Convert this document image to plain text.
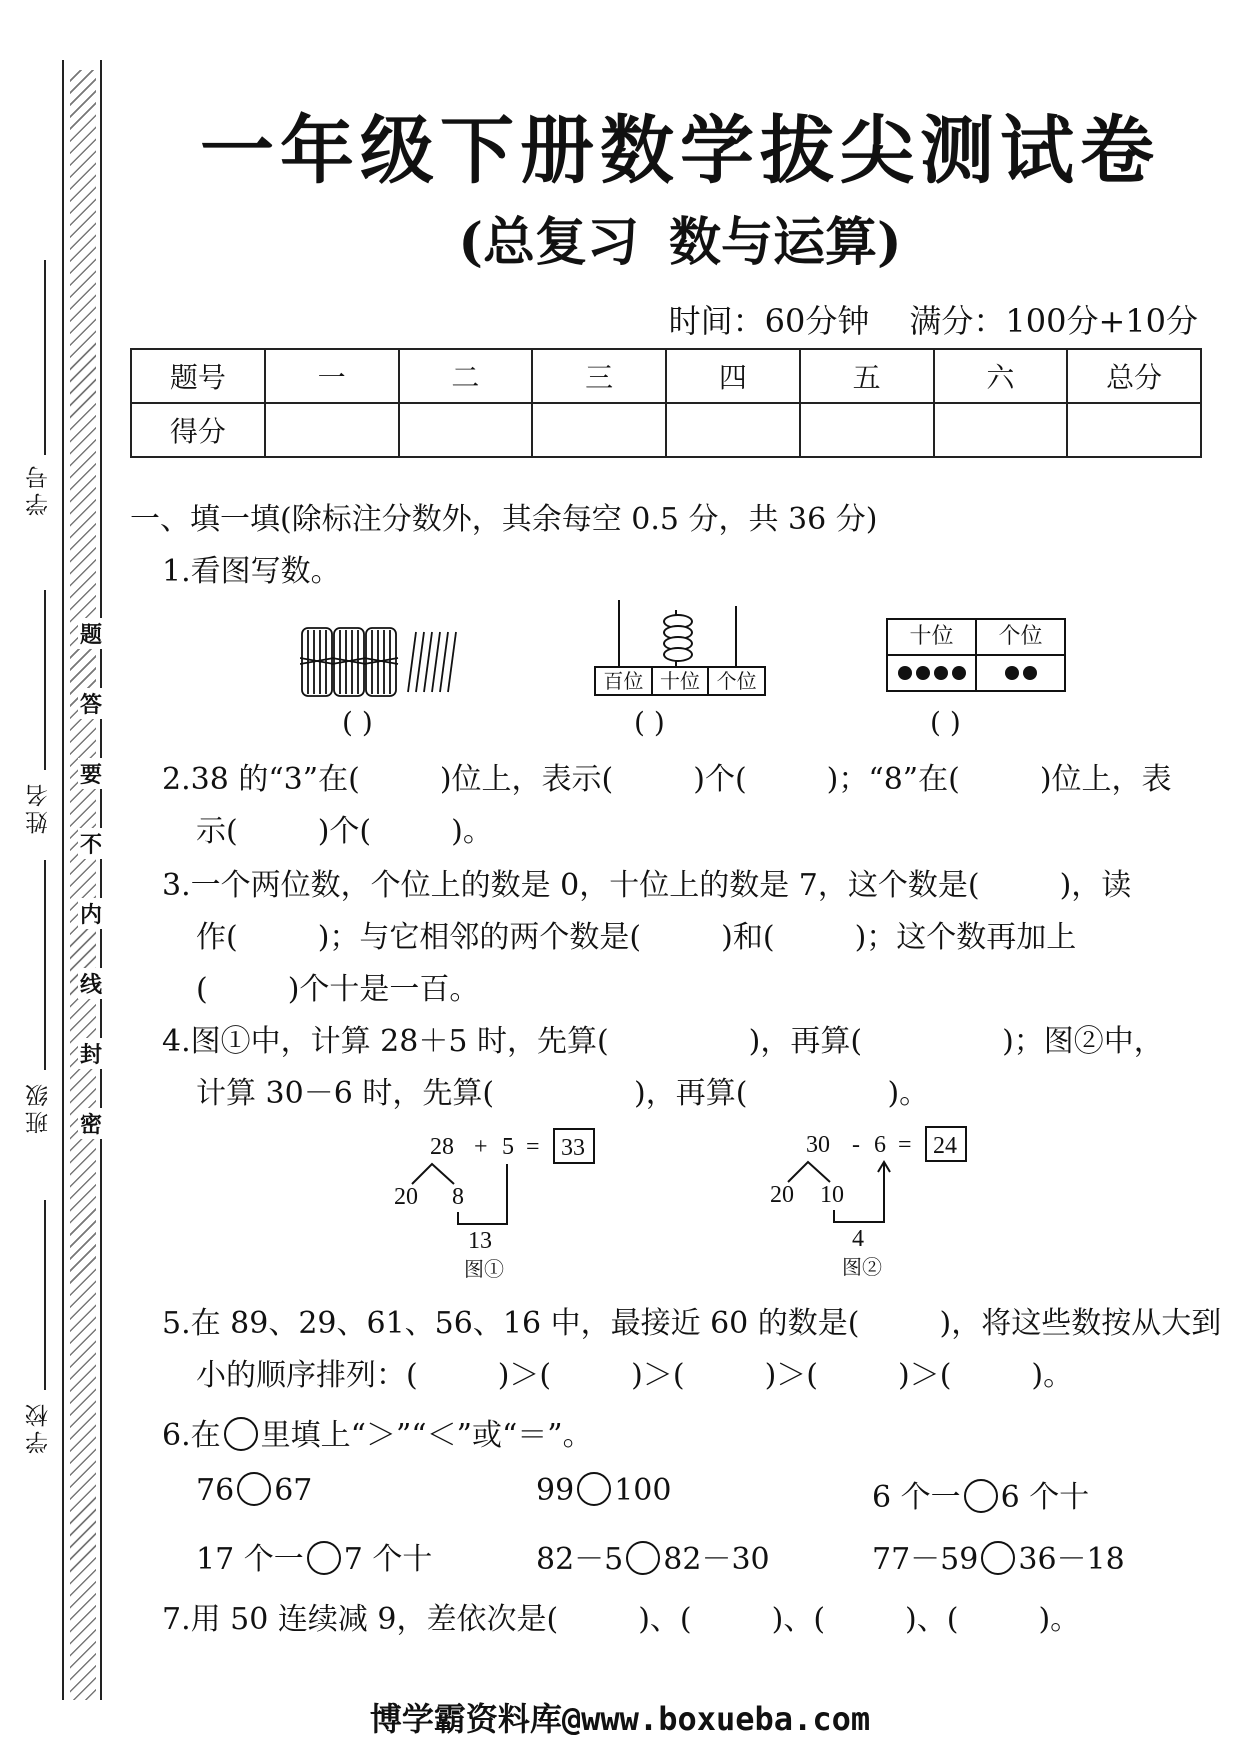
学号
姓名
班级
学校
题
答
要
不
内
线
封
密
一年级下册数学拔尖测试卷
(总复习 数与运算)
时间：60分钟 满分：100分+10分
题号	一	二	三	四	五	六	总分
得分							
一、填一填(除标注分数外，其余每空 0.5 分，共 36 分)
1.看图写数。
( )
百位 十位 个位
( )
十位	个位
( )
2.38 的“3”在(	)位上，表示(	)个(	)；“8”在(	)位上，表
示(	)个(	)。
3.一个两位数，个位上的数是 0，十位上的数是 7，这个数是(	)，读
作(	)；与它相邻的两个数是(	)和(	)；这个数再加上
(	)个十是一百。
4.图①中，计算 28＋5 时，先算(	)，再算(	)；图②中，
计算 30－6 时，先算(	)，再算(	)。
28 + 5 = 33
20 8
13
图①
30 - 6 = 24
20 10
4
图②
5.在 89、29、61、56、16 中，最接近 60 的数是(	)，将这些数按从大到
小的顺序排列：(	)＞(	)＞(	)＞(	)＞(	)。
6.在 里填上“＞”“＜”或“＝”。
76 67	99 100	6 个一 6 个十
17 个一 7 个十	82－5 82－30	77－59 36－18
7.用 50 连续减 9，差依次是(	)、(	)、(	)、(	)。
博学霸资料库@www.boxueba.com
